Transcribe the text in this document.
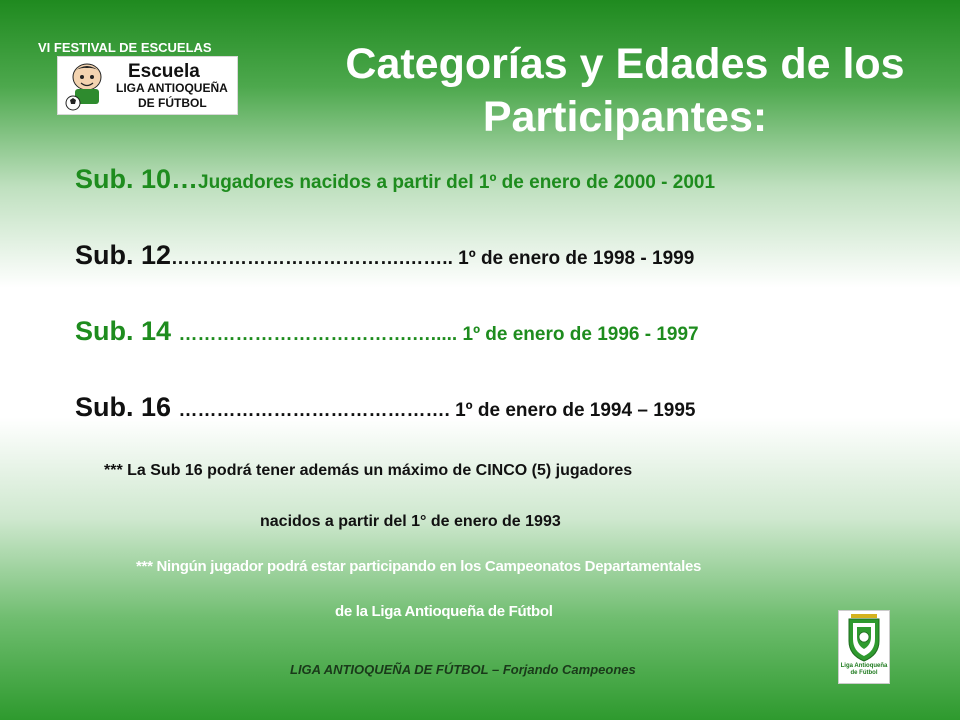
VI FESTIVAL DE ESCUELAS
Escuela
LIGA ANTIOQUEÑA
DE FÚTBOL
Categorías y Edades de los
Participantes:
Sub. 10…Jugadores nacidos a partir del 1º de enero de 2000 - 2001
Sub. 12……………………………….…….. 1º de enero de 1998 - 1999
Sub. 14 ……………………………….…..... 1º de enero de 1996 - 1997
Sub. 16 ……………………………………. 1º de enero de 1994 – 1995
*** La Sub 16 podrá tener además un máximo de CINCO (5) jugadores
nacidos a partir del 1° de enero de 1993
*** Ningún jugador podrá estar participando en los Campeonatos Departamentales
de la Liga Antioqueña de Fútbol
LIGA ANTIOQUEÑA DE FÚTBOL – Forjando Campeones	Liga Antioqueña
de Fútbol
